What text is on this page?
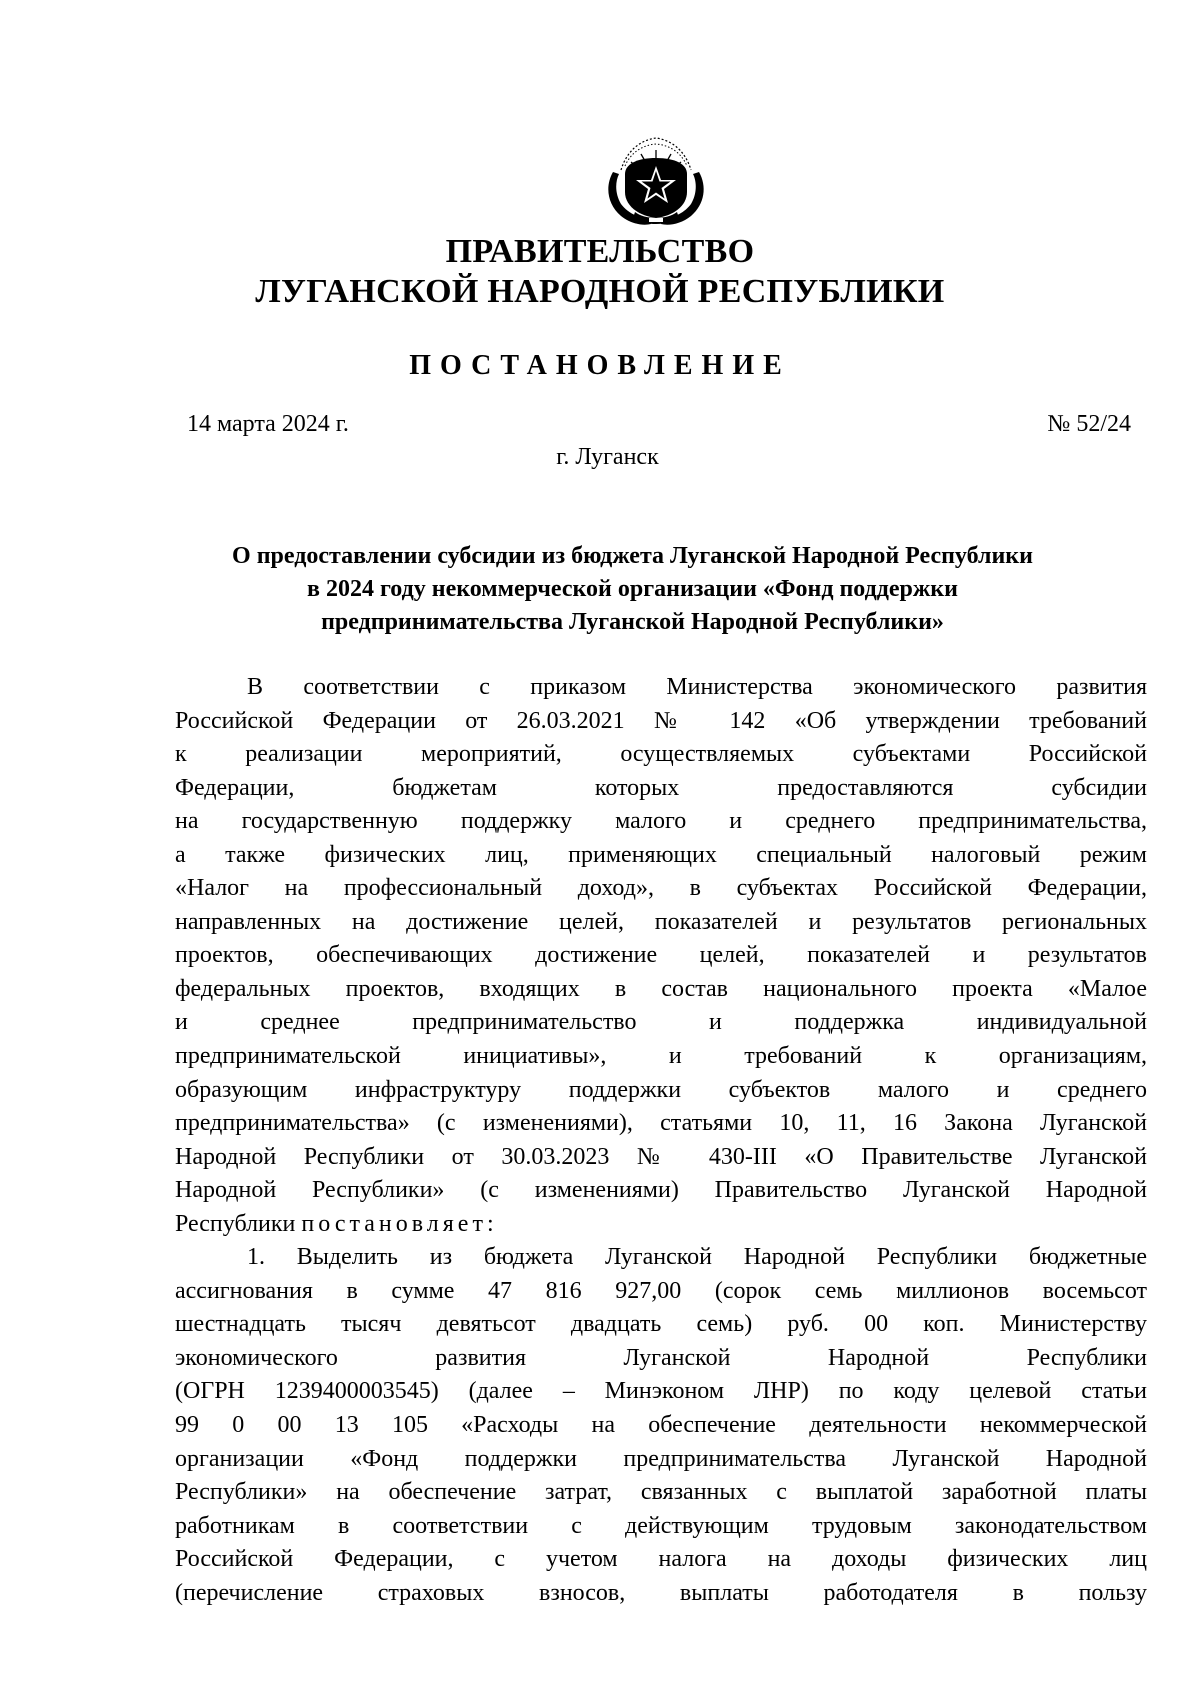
ПРАВИТЕЛЬСТВО
ЛУГАНСКОЙ НАРОДНОЙ РЕСПУБЛИКИ
ПОСТАНОВЛЕНИЕ
14 марта 2024 г.	№ 52/24
г. Луганск
О предоставлении субсидии из бюджета Луганской Народной Республики
в 2024 году некоммерческой организации «Фонд поддержки
предпринимательства Луганской Народной Республики»
В соответствии с приказом Министерства экономического развития
Российской Федерации от 26.03.2021 № 142 «Об утверждении требований
к реализации мероприятий, осуществляемых субъектами Российской
Федерации, бюджетам которых предоставляются субсидии
на государственную поддержку малого и среднего предпринимательства,
а также физических лиц, применяющих специальный налоговый режим
«Налог на профессиональный доход», в субъектах Российской Федерации,
направленных на достижение целей, показателей и результатов региональных
проектов, обеспечивающих достижение целей, показателей и результатов
федеральных проектов, входящих в состав национального проекта «Малое
и среднее предпринимательство и поддержка индивидуальной
предпринимательской инициативы», и требований к организациям,
образующим инфраструктуру поддержки субъектов малого и среднего
предпринимательства» (с изменениями), статьями 10, 11, 16 Закона Луганской
Народной Республики от 30.03.2023 № 430-III «О Правительстве Луганской
Народной Республики» (с изменениями) Правительство Луганской Народной
Республики постановляет:
1. Выделить из бюджета Луганской Народной Республики бюджетные
ассигнования в сумме 47 816 927,00 (сорок семь миллионов восемьсот
шестнадцать тысяч девятьсот двадцать семь) руб. 00 коп. Министерству
экономического развития Луганской Народной Республики
(ОГРН 1239400003545) (далее – Минэконом ЛНР) по коду целевой статьи
99 0 00 13 105 «Расходы на обеспечение деятельности некоммерческой
организации «Фонд поддержки предпринимательства Луганской Народной
Республики» на обеспечение затрат, связанных с выплатой заработной платы
работникам в соответствии с действующим трудовым законодательством
Российской Федерации, с учетом налога на доходы физических лиц
(перечисление страховых взносов, выплаты работодателя в пользу
